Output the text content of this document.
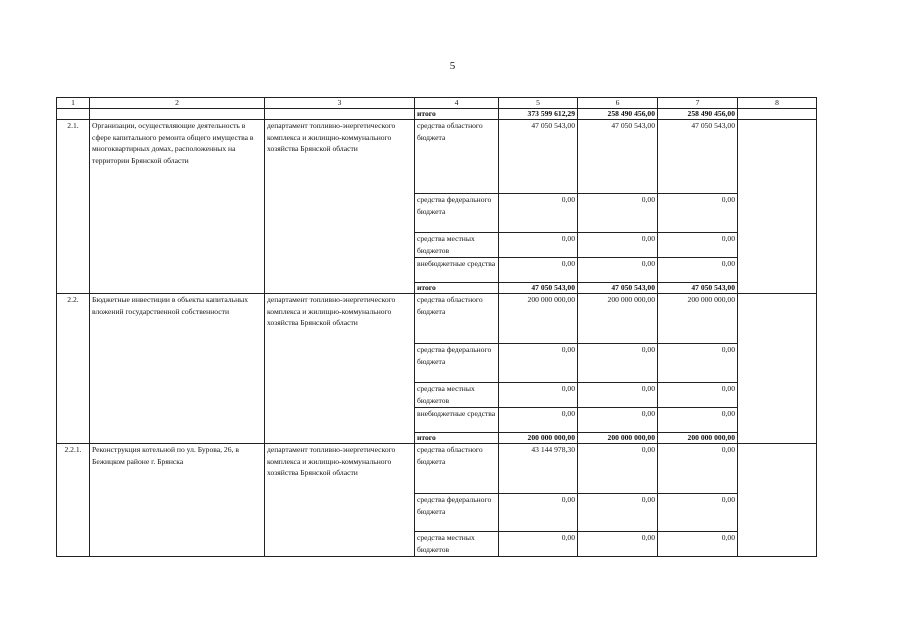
5
1	2	3	4	5	6	7	8
			итого	373 599 612,29	258 490 456,00	258 490 456,00	
2.1.	Организации, осуществляющие деятельность в сфере капитального ремонта общего имущества в многоквартирных домах, расположенных на территории Брянской области	департамент топливно-энергетического комплекса и жилищно-коммунального хозяйства Брянской области	средства областного бюджета	47 050 543,00	47 050 543,00	47 050 543,00	
			средства федерального бюджета	0,00	0,00	0,00	
			средства местных бюджетов	0,00	0,00	0,00	
			внебюджетные средства	0,00	0,00	0,00	
			итого	47 050 543,00	47 050 543,00	47 050 543,00	
2.2.	Бюджетные инвестиции в объекты капитальных вложений государственной собственности	департамент топливно-энергетического комплекса и жилищно-коммунального хозяйства Брянской области	средства областного бюджета	200 000 000,00	200 000 000,00	200 000 000,00	
			средства федерального бюджета	0,00	0,00	0,00	
			средства местных бюджетов	0,00	0,00	0,00	
			внебюджетные средства	0,00	0,00	0,00	
			итого	200 000 000,00	200 000 000,00	200 000 000,00	
2.2.1.	Реконструкция котельной по ул. Бурова, 26, в Бежицком районе г. Брянска	департамент топливно-энергетического комплекса и жилищно-коммунального хозяйства Брянской области	средства областного бюджета	43 144 978,30	0,00	0,00	
			средства федерального бюджета	0,00	0,00	0,00	
			средства местных бюджетов	0,00	0,00	0,00	
